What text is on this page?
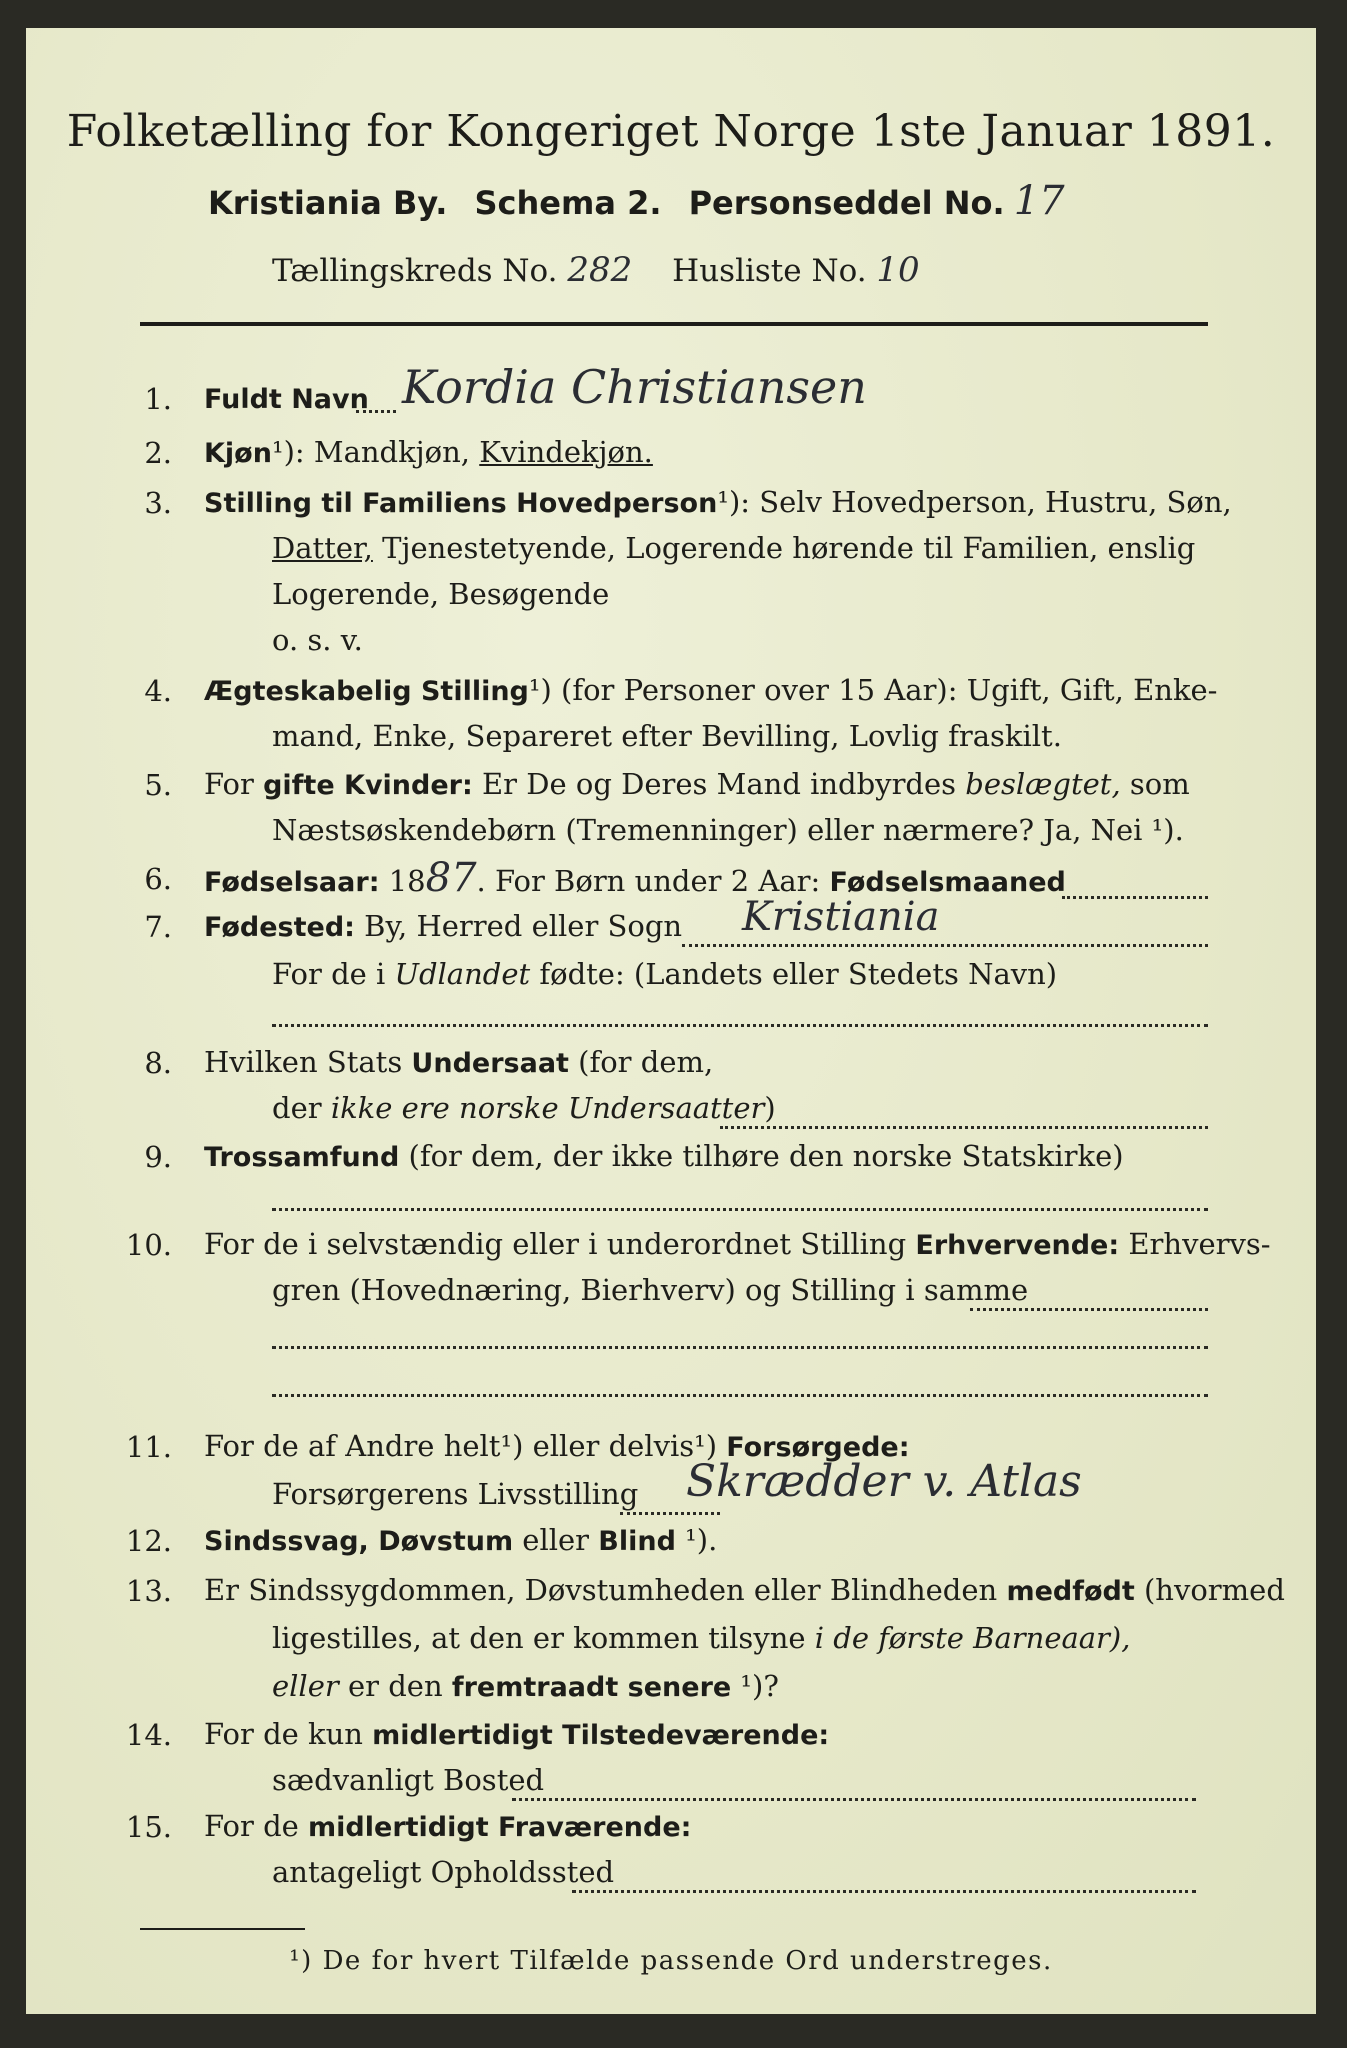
Folketælling for Kongeriget Norge 1ste Januar 1891.
Kristiania By. Schema 2. Personseddel No. 17
Tællingskreds No. 282 Husliste No. 10
1. Fuldt Navn Kordia Christiansen
2. Kjøn¹): Mandkjøn, Kvindekjøn.
3. Stilling til Familiens Hovedperson¹): Selv Hovedperson, Hustru, Søn,
Datter, Tjenestetyende, Logerende hørende til Familien, enslig
Logerende, Besøgende
o. s. v.
4. Ægteskabelig Stilling¹) (for Personer over 15 Aar): Ugift, Gift, Enke-
mand, Enke, Separeret efter Bevilling, Lovlig fraskilt.
5. For gifte Kvinder: Er De og Deres Mand indbyrdes beslægtet, som
Næstsøskendebørn (Tremenninger) eller nærmere? Ja, Nei ¹).
6. Fødselsaar: 1887. For Børn under 2 Aar: Fødselsmaaned
7. Fødested: By, Herred eller Sogn Kristiania
For de i Udlandet fødte: (Landets eller Stedets Navn)
8. Hvilken Stats Undersaat (for dem,
der ikke ere norske Undersaatter)
9. Trossamfund (for dem, der ikke tilhøre den norske Statskirke)
10. For de i selvstændig eller i underordnet Stilling Erhvervende: Erhvervs-
gren (Hovednæring, Bierhverv) og Stilling i samme
11. For de af Andre helt¹) eller delvis¹) Forsørgede:
Forsørgerens Livsstilling Skrædder v. Atlas
12. Sindssvag, Døvstum eller Blind ¹).
13. Er Sindssygdommen, Døvstumheden eller Blindheden medfødt (hvormed
ligestilles, at den er kommen tilsyne i de første Barneaar),
eller er den fremtraadt senere ¹)?
14. For de kun midlertidigt Tilstedeværende:
sædvanligt Bosted
15. For de midlertidigt Fraværende:
antageligt Opholdssted
¹) De for hvert Tilfælde passende Ord understreges.
